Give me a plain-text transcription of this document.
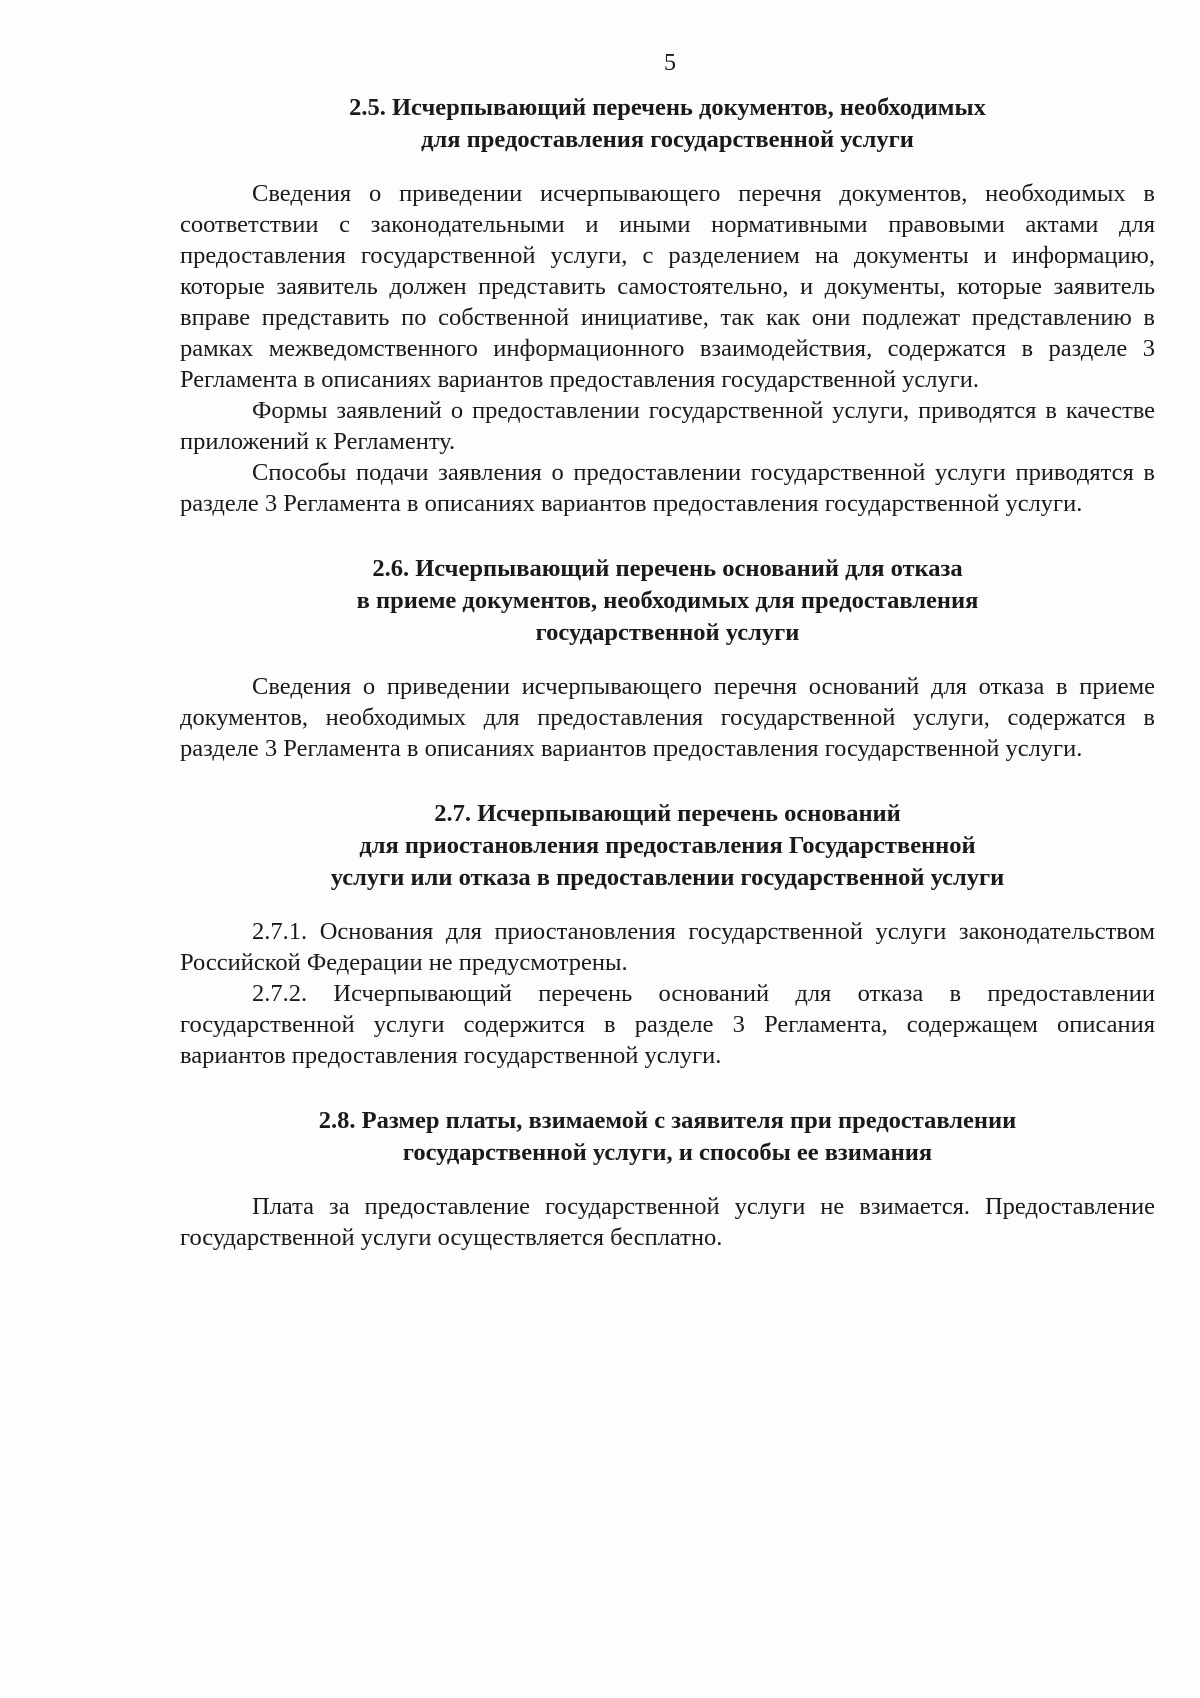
5
2.5. Исчерпывающий перечень документов, необходимых
для предоставления государственной услуги

Сведения о приведении исчерпывающего перечня документов, необходимых в соответствии с законодательными и иными нормативными правовыми актами для предоставления государственной услуги, с разделением на документы и информацию, которые заявитель должен представить самостоятельно, и документы, которые заявитель вправе представить по собственной инициативе, так как они подлежат представлению в рамках межведомственного информационного взаимодействия, содержатся в разделе 3 Регламента в описаниях вариантов предоставления государственной услуги.

Формы заявлений о предоставлении государственной услуги, приводятся в качестве приложений к Регламенту.

Способы подачи заявления о предоставлении государственной услуги приводятся в разделе 3 Регламента в описаниях вариантов предоставления государственной услуги.

2.6. Исчерпывающий перечень оснований для отказа
в приеме документов, необходимых для предоставления
государственной услуги

Сведения о приведении исчерпывающего перечня оснований для отказа в приеме документов, необходимых для предоставления государственной услуги, содержатся в разделе 3 Регламента в описаниях вариантов предоставления государственной услуги.

2.7. Исчерпывающий перечень оснований
для приостановления предоставления Государственной
услуги или отказа в предоставлении государственной услуги

2.7.1. Основания для приостановления государственной услуги законодательством Российской Федерации не предусмотрены.

2.7.2. Исчерпывающий перечень оснований для отказа в предоставлении государственной услуги содержится в разделе 3 Регламента, содержащем описания вариантов предоставления государственной услуги.

2.8. Размер платы, взимаемой с заявителя при предоставлении
государственной услуги, и способы ее взимания

Плата за предоставление государственной услуги не взимается. Предоставление государственной услуги осуществляется бесплатно.
